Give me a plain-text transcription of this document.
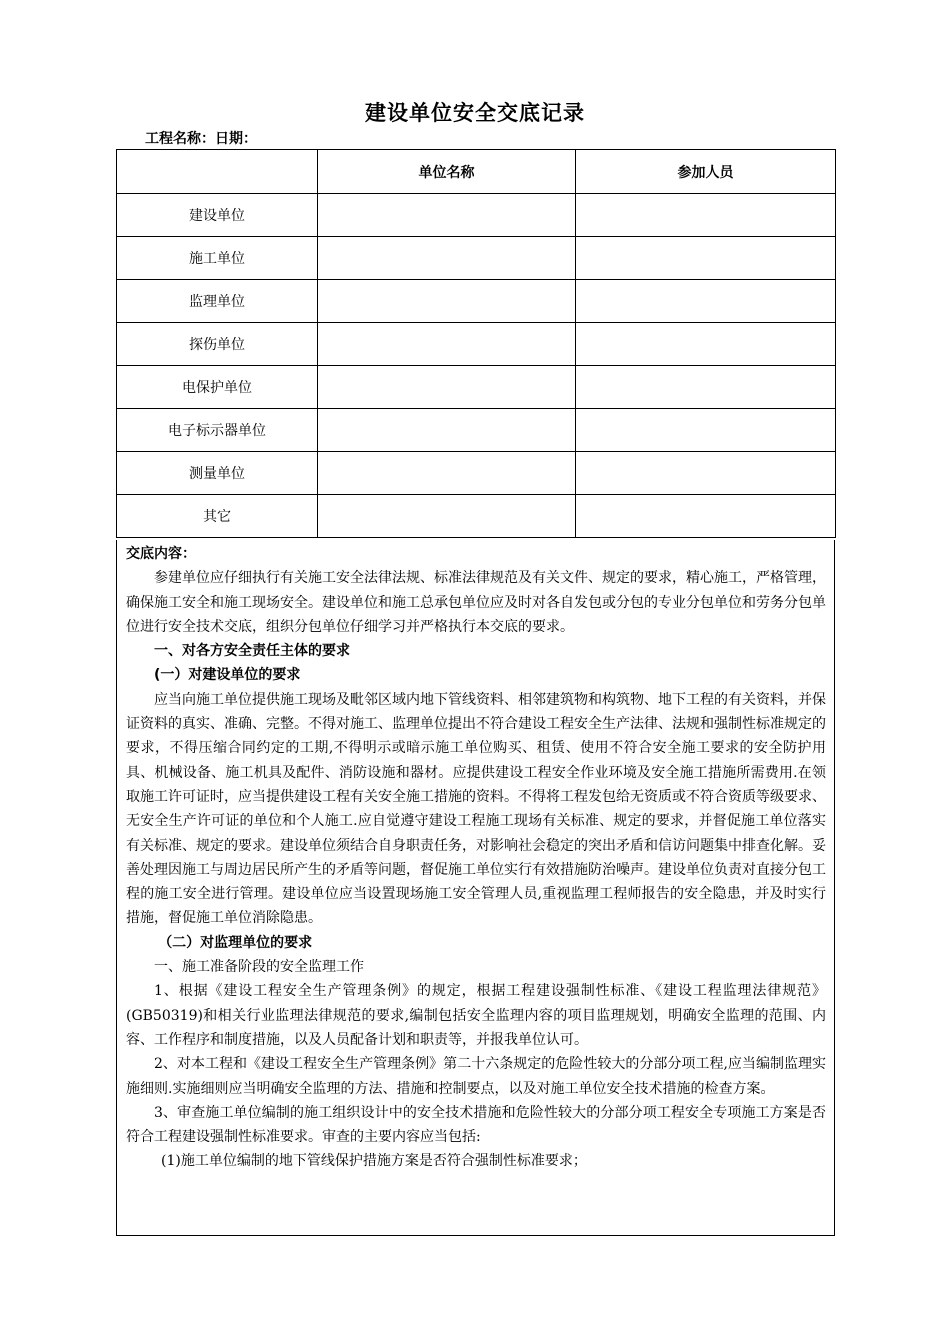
建设单位安全交底记录
工程名称：日期：
	单位名称	参加人员
建设单位		
施工单位		
监理单位		
探伤单位		
电保护单位		
电子标示器单位		
测量单位		
其它		

交底内容：

参建单位应仔细执行有关施工安全法律法规、标准法律规范及有关文件、规定的要求，精心施工，严格管理，确保施工安全和施工现场安全。建设单位和施工总承包单位应及时对各自发包或分包的专业分包单位和劳务分包单位进行安全技术交底，组织分包单位仔细学习并严格执行本交底的要求。

一、对各方安全责任主体的要求

(一）对建设单位的要求

应当向施工单位提供施工现场及毗邻区域内地下管线资料、相邻建筑物和构筑物、地下工程的有关资料，并保证资料的真实、准确、完整。不得对施工、监理单位提出不符合建设工程安全生产法律、法规和强制性标准规定的要求，不得压缩合同约定的工期,不得明示或暗示施工单位购买、租赁、使用不符合安全施工要求的安全防护用具、机械设备、施工机具及配件、消防设施和器材。应提供建设工程安全作业环境及安全施工措施所需费用.在领取施工许可证时，应当提供建设工程有关安全施工措施的资料。不得将工程发包给无资质或不符合资质等级要求、无安全生产许可证的单位和个人施工.应自觉遵守建设工程施工现场有关标准、规定的要求，并督促施工单位落实有关标准、规定的要求。建设单位须结合自身职责任务，对影响社会稳定的突出矛盾和信访问题集中排查化解。妥善处理因施工与周边居民所产生的矛盾等问题，督促施工单位实行有效措施防治噪声。建设单位负责对直接分包工程的施工安全进行管理。建设单位应当设置现场施工安全管理人员,重视监理工程师报告的安全隐患，并及时实行措施，督促施工单位消除隐患。

（二）对监理单位的要求

一、施工准备阶段的安全监理工作

1、根据《建设工程安全生产管理条例》的规定，根据工程建设强制性标准、《建设工程监理法律规范》(GB50319)和相关行业监理法律规范的要求,编制包括安全监理内容的项目监理规划，明确安全监理的范围、内容、工作程序和制度措施，以及人员配备计划和职责等，并报我单位认可。

2、对本工程和《建设工程安全生产管理条例》第二十六条规定的危险性较大的分部分项工程,应当编制监理实施细则.实施细则应当明确安全监理的方法、措施和控制要点，以及对施工单位安全技术措施的检查方案。

3、审查施工单位编制的施工组织设计中的安全技术措施和危险性较大的分部分项工程安全专项施工方案是否符合工程建设强制性标准要求。审查的主要内容应当包括:

(1)施工单位编制的地下管线保护措施方案是否符合强制性标准要求；
